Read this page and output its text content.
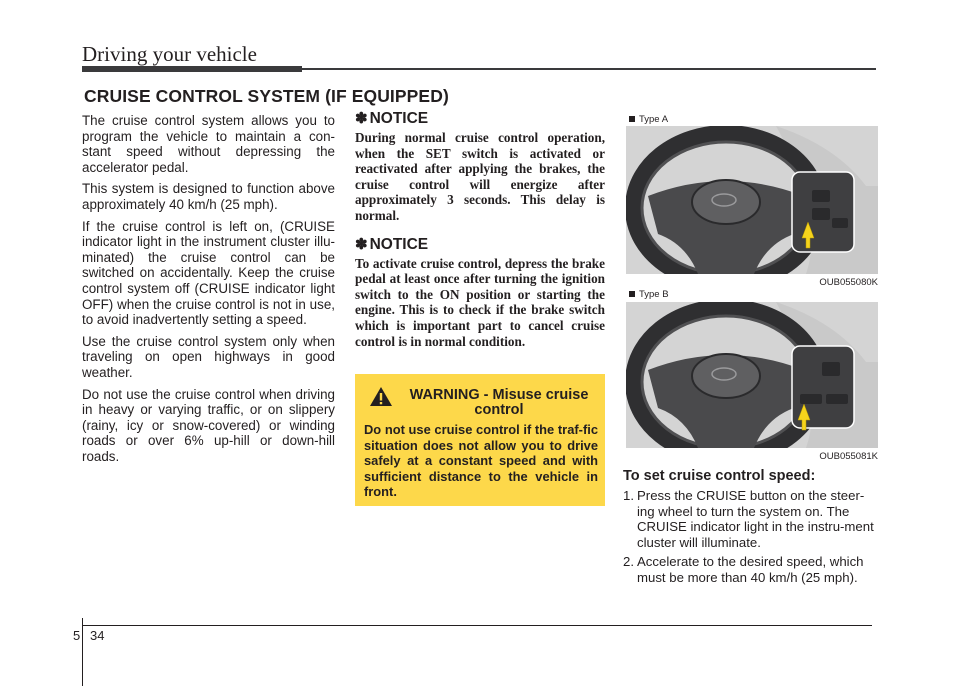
Driving your vehicle
CRUISE CONTROL SYSTEM (IF EQUIPPED)

The cruise control system allows you to program the vehicle to maintain a con-stant speed without depressing the accelerator pedal.

This system is designed to function above approximately 40 km/h (25 mph).

If the cruise control is left on, (CRUISE indicator light in the instrument cluster illu-minated) the cruise control can be switched on accidentally. Keep the cruise control system off (CRUISE indicator light OFF) when the cruise control is not in use, to avoid inadvertently setting a speed.

Use the cruise control system only when traveling on open highways in good weather.

Do not use the cruise control when driving in heavy or varying traffic, or on slippery (rainy, icy or snow-covered) or winding roads or over 6% up-hill or down-hill roads.

✽ NOTICE

During normal cruise control operation, when the SET switch is activated or reactivated after applying the brakes, the cruise control will energize after approximately 3 seconds. This delay is normal.

✽ NOTICE

To activate cruise control, depress the brake pedal at least once after turning the ignition switch to the ON position or starting the engine. This is to check if the brake switch which is important part to cancel cruise control is in normal condition.

WARNING - Misuse cruise control
Do not use cruise control if the traf-fic situation does not allow you to drive safely at a constant speed and with sufficient distance to the vehicle in front.
Type A
OUB055080K
Type B
OUB055081K
To set cruise control speed:
1. Press the CRUISE button on the steer-ing wheel to turn the system on. The CRUISE indicator light in the instru-ment cluster will illuminate.
2. Accelerate to the desired speed, which must be more than 40 km/h (25 mph).
5 34
